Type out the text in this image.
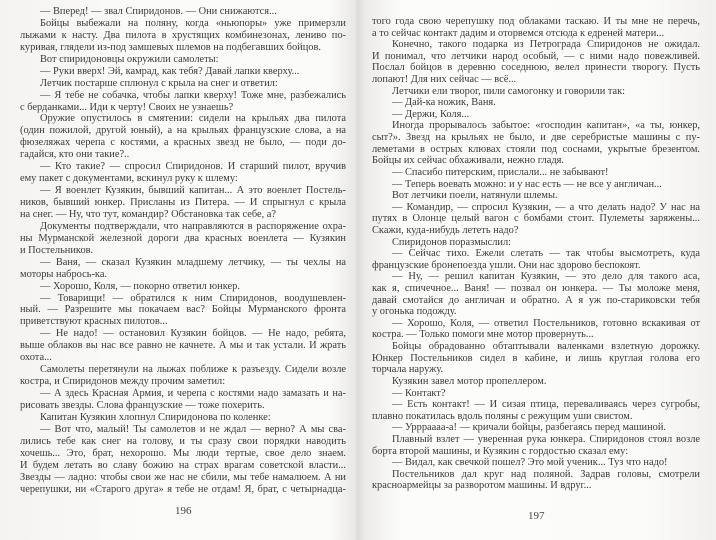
— Вперед! — звал Спиридонов. — Они снижаются...
Бойцы выбежали на поляну, когда «ньюпоры» уже примерзли
лыжами к насту. Два пилота в хрустящих комбинезонах, лениво по-
куривая, глядели из-под замшевых шлемов на подбегавших бойцов.
Вот спиридоновцы окружили самолеты:
— Руки вверх! Эй, камрад, как тебя? Давай лапки кверху...
Летчик постарше сплюнул с крыла на снег и ответил:
— Я тебе не собачка, чтобы лапки кверху! Тоже мне, разбежались
с берданками... Иди к черту! Своих не узнаешь?
Оружие опустилось в смятении: сидели на крыльях два пилота
(один пожилой, другой юный), а на крыльях французские слова, а на
фюзеляжах черепа с костями, а красных звезд не было, — поди до-
гадайся, кто они такие?..
— Кто такие? — спросил Спиридонов. И старший пилот, вручив
ему пакет с документами, вскинул руку к шлему:
— Я военлет Кузякин, бывший капитан... А это военлет Постель-
ников, бывший юнкер. Присланы из Питера. — И спрыгнул с крыла
на снег. — Ну, что тут, командир? Обстановка так себе, а?
Документы подтверждали, что направляются в распоряжение охра-
ны Мурманской железной дороги два красных военлета — Кузякин
и Постельников.
— Ваня, — сказал Кузякин младшему летчику, — ты чехлы на
моторы набрось-ка.
— Хорошо, Коля, — покорно ответил юнкер.
— Товарищи! — обратился к ним Спиридонов, воодушевлен-
ный. — Разрешите мы покачаем вас? Бойцы Мурманского фронта
приветствуют красных пилотов...
— Не надо! — остановил Кузякин бойцов. — Не надо, ребята,
выше облаков вы нас все равно не качнете. А мы и так устали. И жрать
охота...
Самолеты перетянули на лыжах поближе к разъезду. Сидели возле
костра, и Спиридонов между прочим заметил:
— А здесь Красная Армия, и черепа с костями надо замазать и на-
рисовать звезды. Слова французские — тоже похерить.
Капитан Кузякин хлопнул Спиридонова по коленке:
— Вот что, малый! Ты самолетов и не ждал — верно? А мы сва-
лились тебе как снег на голову, и ты сразу свои порядки наводить
хочешь... Это, брат, нехорошо. Мы люди тертые, свое дело знаем.
И будем летать во славу божию на страх врагам советской власти...
Звезды — ладно: чтобы свои же нас не сбили, мы тебе намалюем. А ни
черепушки, ни «Старого друга» я тебе не отдам! Я, брат, с четырнадца-
того года свою черепушку под облаками таскаю. И ты мне не перечь,
а то сейчас контакт дадим и оторвемся отсюда к едреней матери...
Конечно, такого подарка из Петрограда Спиридонов не ожидал.
И понимал, что летчики народ особый, — с ними надо повежливей.
Послал бойцов в деревню соседнюю, велел принести творогу. Пусть
лопают! Для них сейчас — всё...
Летчики ели творог, пили самогонку и говорили так:
— Дай-ка ножик, Ваня.
— Держи, Коля...
Иногда прорывалось забытое: «господин капитан», «а ты, юнкер,
сыт?». Звезд на крыльях не было, и две серебристые машины с пу-
леметами в острых клювах стояли под соснами, укрытые брезентом.
Бойцы их сейчас обхаживали, нежно гладя.
— Спасибо питерским, прислали... не забывают!
— Теперь воевать можно: и у нас есть — не все у англичан...
Вот летчики поели, натянули шлемы.
— Командир, — спросил Кузякин, — а что делать надо? У нас на
путях в Олонце целый вагон с бомбами стоит. Пулеметы заряжены...
Скажи, куда-нибудь лететь надо?
Спиридонов поразмыслил:
— Сейчас тихо. Ежели слетать — так чтобы высмотреть, куда
французские бронепоезда ушли. Они нас здорово беспокоят.
— Ну, — решил капитан Кузякин, — это дело для такого аса,
как я, спичечное... Ваня! — позвал он юнкера. — Ты моложе меня,
давай смотайся до англичан и обратно. А я уж по-стариковски тебя
у огонька подожду.
— Хорошо, Коля, — ответил Постельников, готовно вскакивая от
костра. — Только помоги мне мотор провернуть...
Бойцы обрадованно обтаптывали валенками взлетную дорожку.
Юнкер Постельников сидел в кабине, и лишь круглая голова его
торчала наружу.
Кузякин завел мотор пропеллером.
— Контакт?
— Есть контакт! — И сизая птица, переваливаясь через сугробы,
плавно покатилась вдоль поляны с режущим уши свистом.
— Уррраааа-а! — кричали бойцы, разбегаясь перед машиной.
Плавный взлет — уверенная рука юнкера. Спиридонов стоял возле
борта второй машины, и Кузякин с гордостью сказал ему:
— Видал, как свечкой пошел? Это мой ученик... Туз что надо!
Постельников дал круг над поляной. Задрав головы, смотрели
красноармейцы за разворотом машины. И вдруг...
196	197
